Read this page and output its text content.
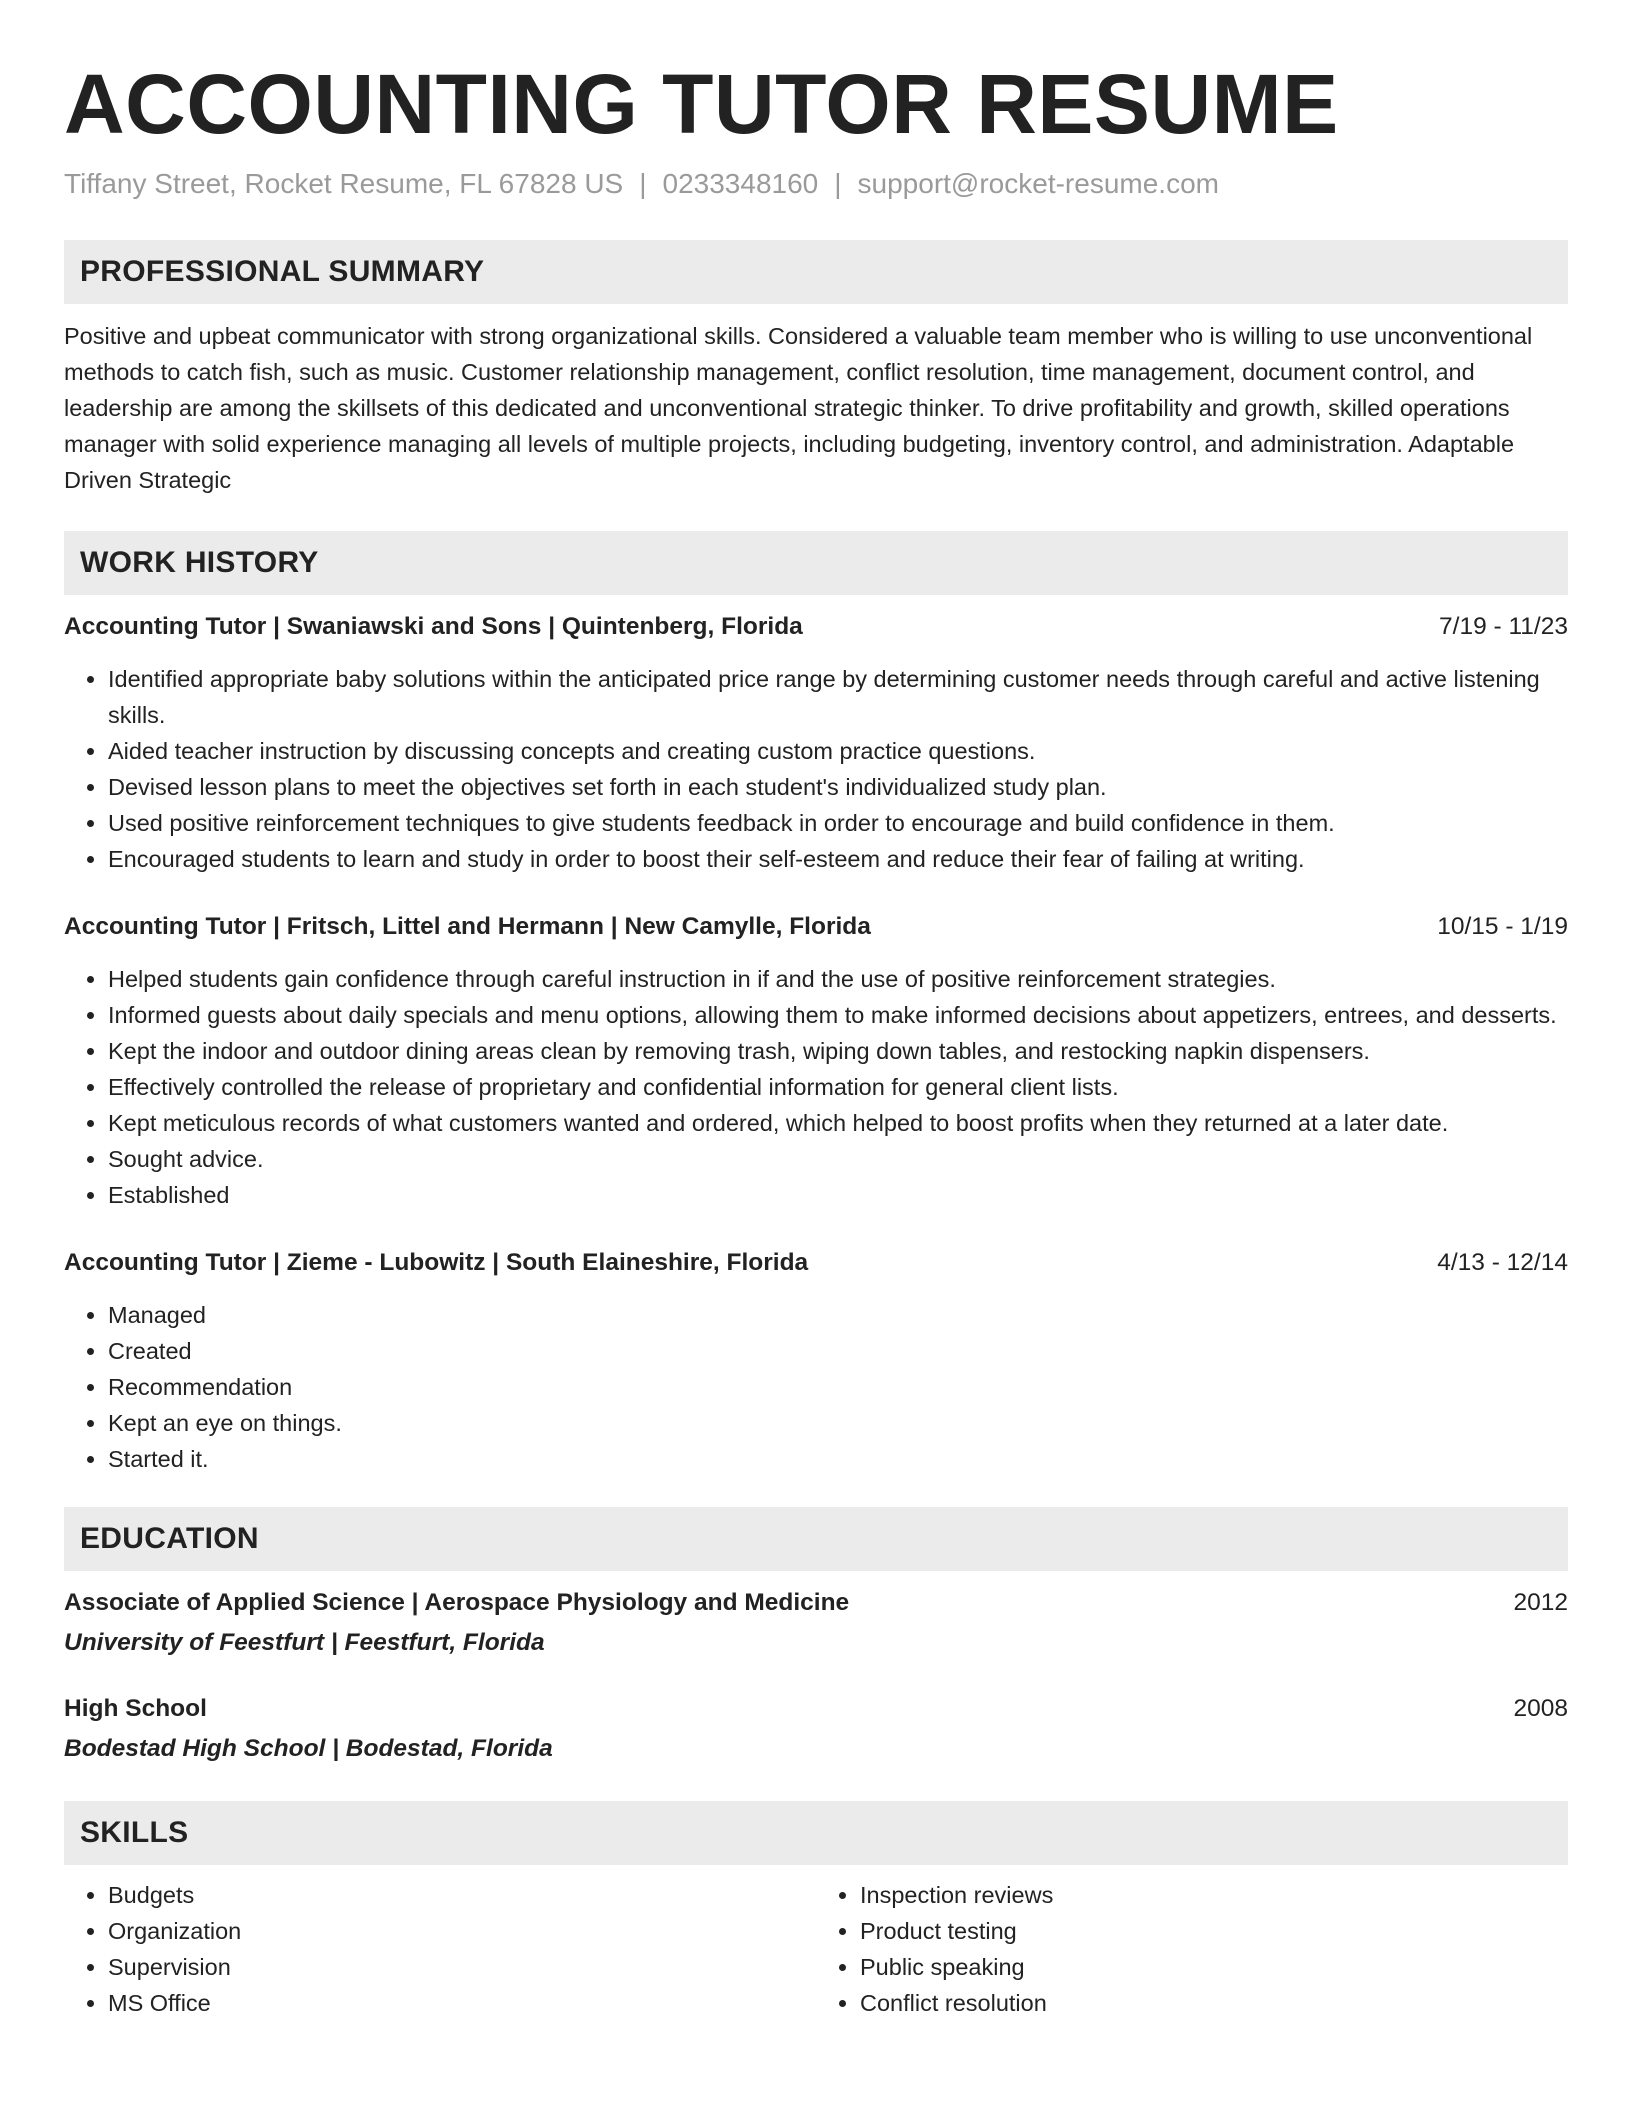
ACCOUNTING TUTOR RESUME
Tiffany Street, Rocket Resume, FL 67828 US | 0233348160 | support@rocket-resume.com
PROFESSIONAL SUMMARY

Positive and upbeat communicator with strong organizational skills. Considered a valuable team member who is willing to use unconventional methods to catch fish, such as music. Customer relationship management, conflict resolution, time management, document control, and leadership are among the skillsets of this dedicated and unconventional strategic thinker. To drive profitability and growth, skilled operations manager with solid experience managing all levels of multiple projects, including budgeting, inventory control, and administration. Adaptable Driven Strategic

WORK HISTORY
Accounting Tutor | Swaniawski and Sons | Quintenberg, Florida	7/19 - 11/23
• Identified appropriate baby solutions within the anticipated price range by determining customer needs through careful and active listening skills.
• Aided teacher instruction by discussing concepts and creating custom practice questions.
• Devised lesson plans to meet the objectives set forth in each student's individualized study plan.
• Used positive reinforcement techniques to give students feedback in order to encourage and build confidence in them.
• Encouraged students to learn and study in order to boost their self-esteem and reduce their fear of failing at writing.
Accounting Tutor | Fritsch, Littel and Hermann | New Camylle, Florida	10/15 - 1/19
• Helped students gain confidence through careful instruction in if and the use of positive reinforcement strategies.
• Informed guests about daily specials and menu options, allowing them to make informed decisions about appetizers, entrees, and desserts.
• Kept the indoor and outdoor dining areas clean by removing trash, wiping down tables, and restocking napkin dispensers.
• Effectively controlled the release of proprietary and confidential information for general client lists.
• Kept meticulous records of what customers wanted and ordered, which helped to boost profits when they returned at a later date.
• Sought advice.
• Established
Accounting Tutor | Zieme - Lubowitz | South Elaineshire, Florida	4/13 - 12/14
• Managed
• Created
• Recommendation
• Kept an eye on things.
• Started it.
EDUCATION
Associate of Applied Science | Aerospace Physiology and Medicine	2012
University of Feestfurt | Feestfurt, Florida
High School	2008
Bodestad High School | Bodestad, Florida
SKILLS
• Budgets
• Organization
• Supervision
• MS Office
• Inspection reviews
• Product testing
• Public speaking
• Conflict resolution
